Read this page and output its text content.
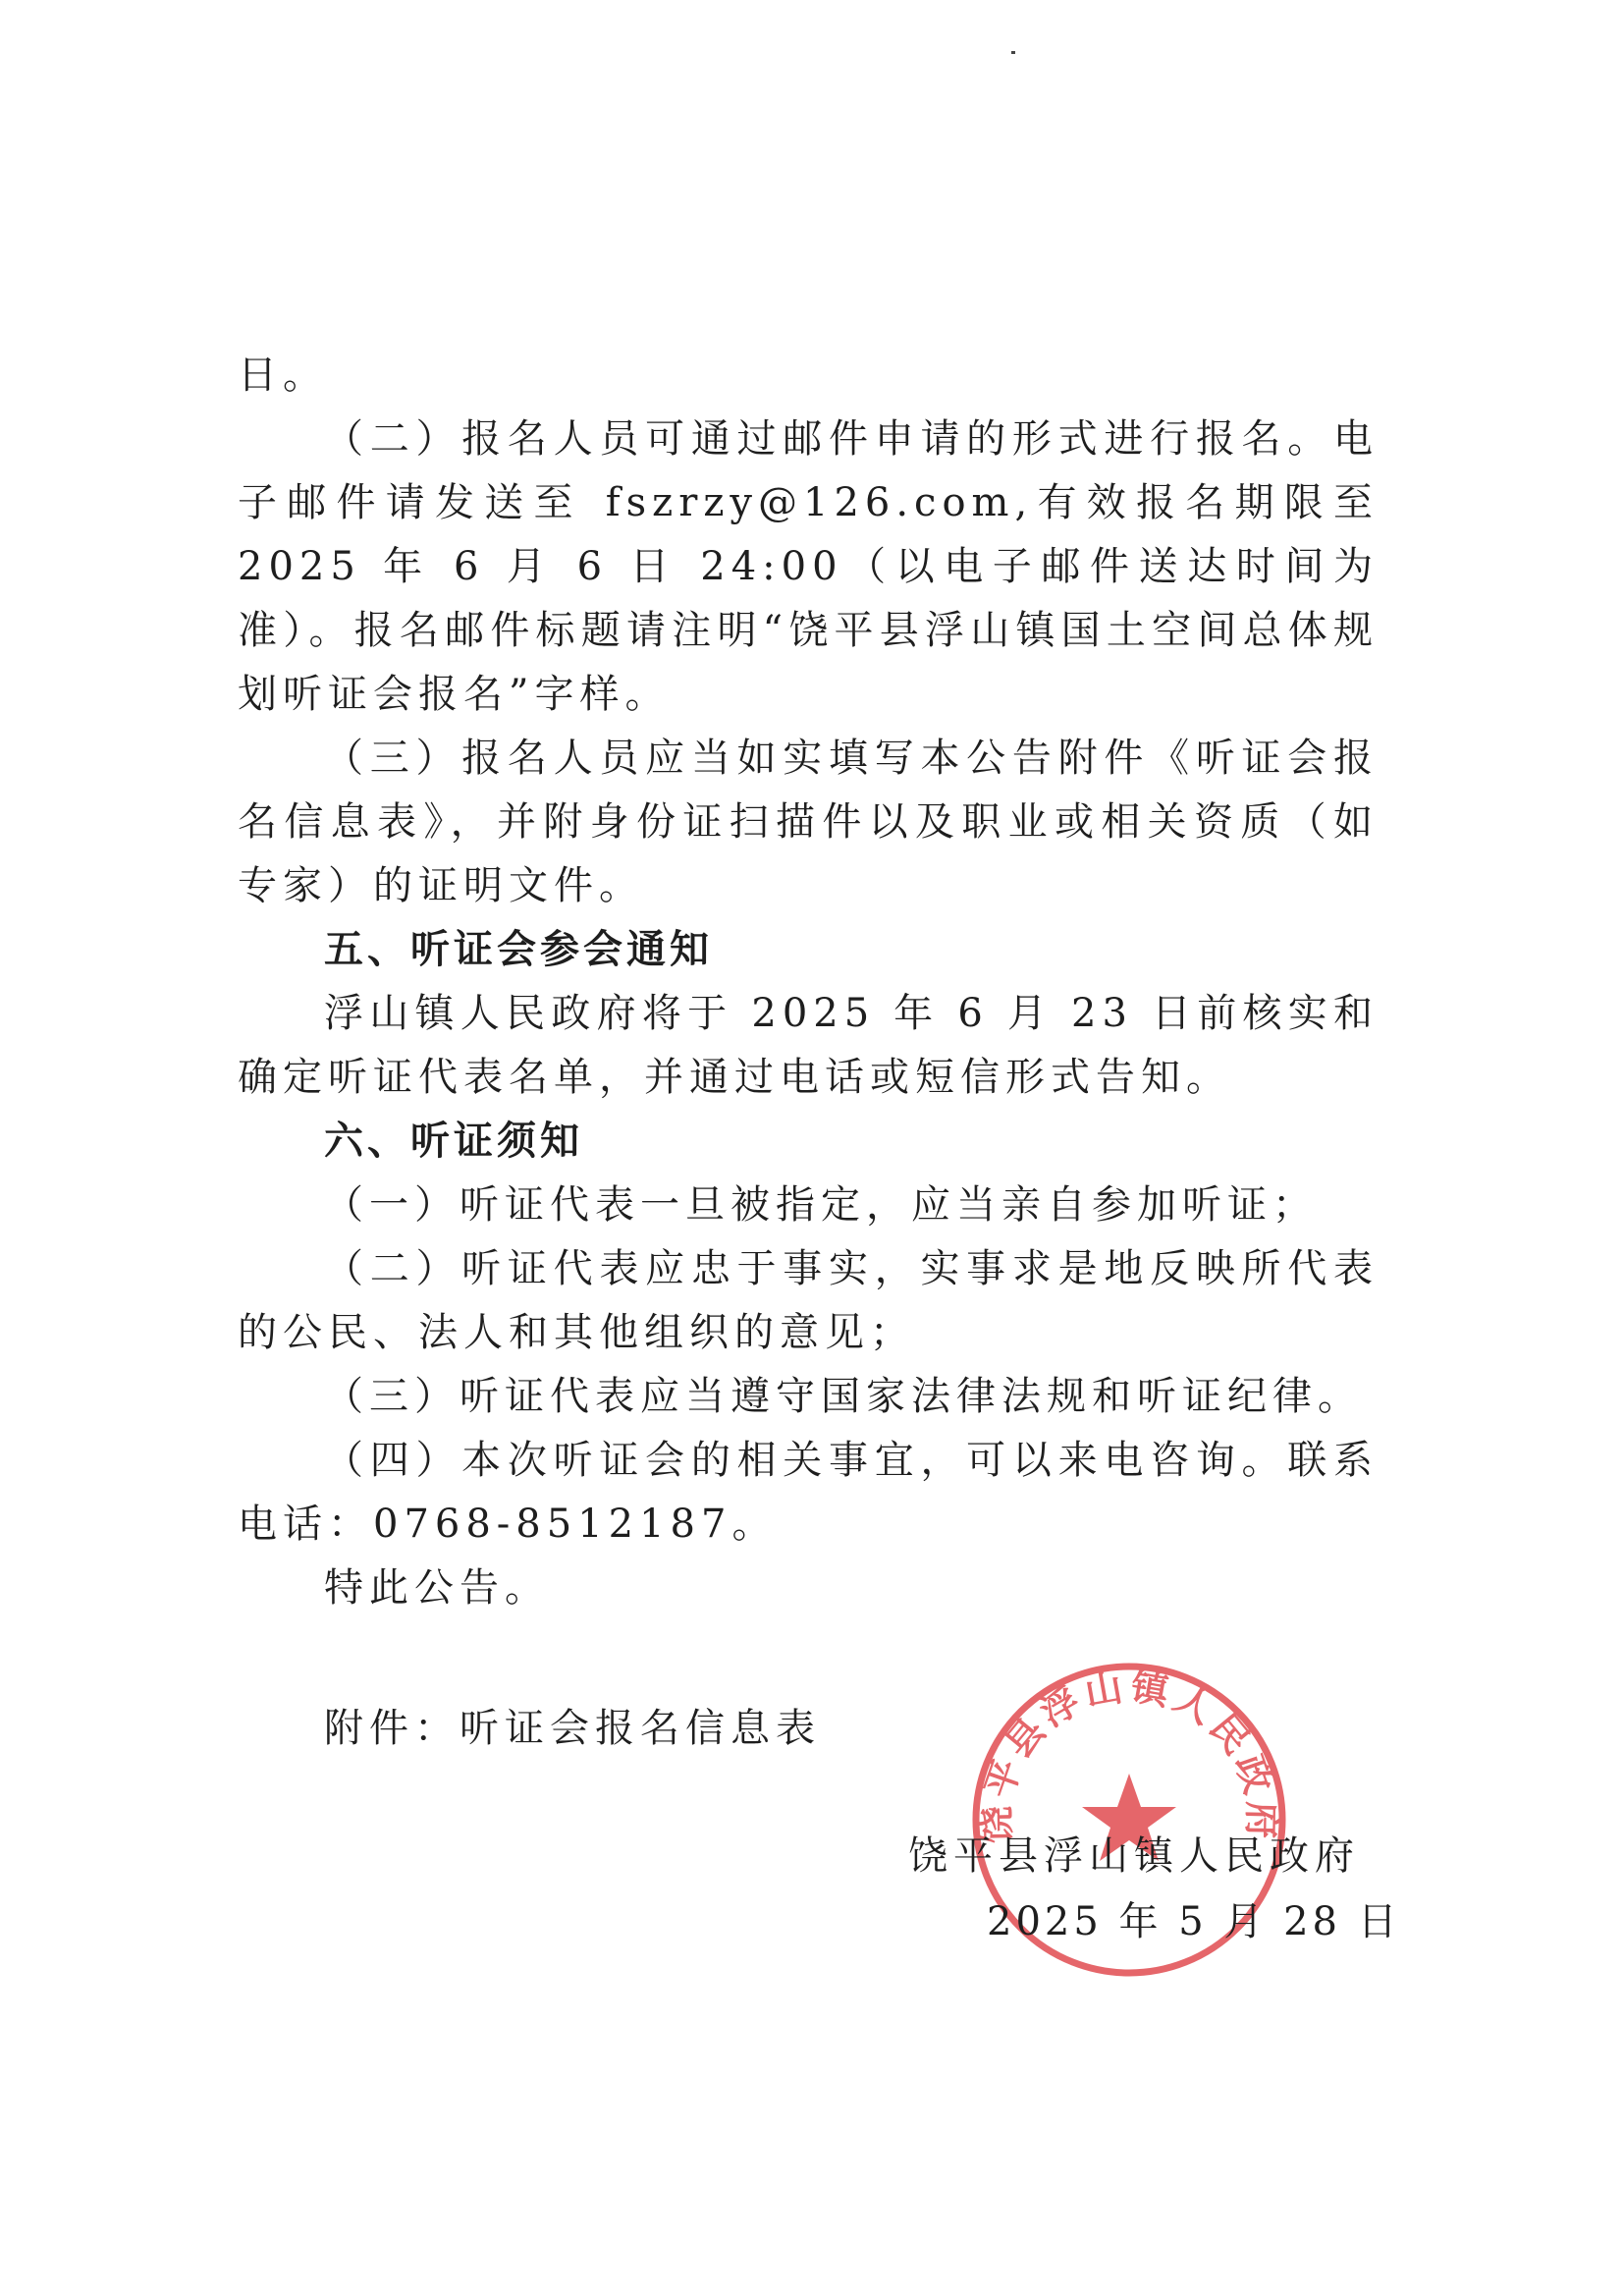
日。

（二）报名人员可通过邮件申请的形式进行报名。电子邮件请发送至 fszrzy@126.com,有效报名期限至 2025 年 6 月 6 日 24:00（以电子邮件送达时间为准）。报名邮件标题请注明“饶平县浮山镇国土空间总体规划听证会报名”字样。

（三）报名人员应当如实填写本公告附件《听证会报名信息表》，并附身份证扫描件以及职业或相关资质（如专家）的证明文件。

五、听证会参会通知

浮山镇人民政府将于 2025 年 6 月 23 日前核实和确定听证代表名单，并通过电话或短信形式告知。

六、听证须知

（一）听证代表一旦被指定，应当亲自参加听证；

（二）听证代表应忠于事实，实事求是地反映所代表的公民、法人和其他组织的意见；

（三）听证代表应当遵守国家法律法规和听证纪律。

（四）本次听证会的相关事宜，可以来电咨询。联系电话：0768-8512187。

特此公告。

附件：听证会报名信息表
饶平县浮山镇人民政府
饶平县浮山镇人民政府
2025 年 5 月 28 日
